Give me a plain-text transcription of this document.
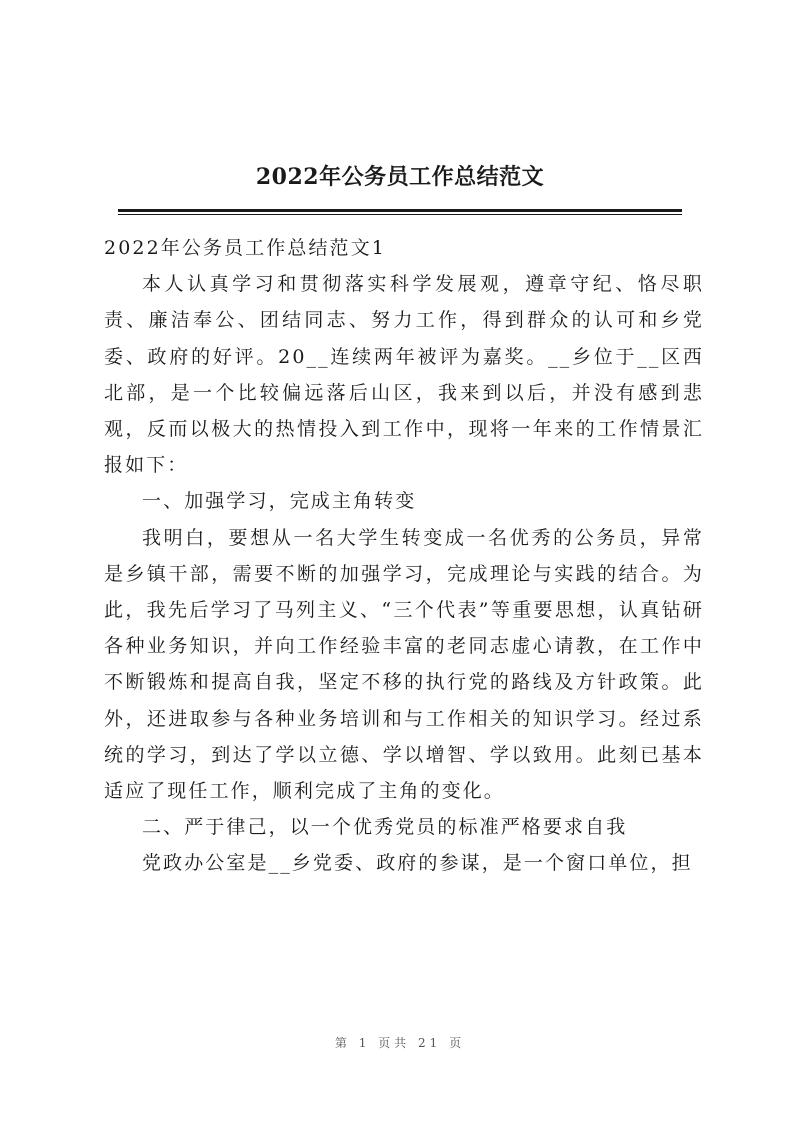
2022年公务员工作总结范文

2022年公务员工作总结范文1

本人认真学习和贯彻落实科学发展观，遵章守纪、恪尽职责、廉洁奉公、团结同志、努力工作，得到群众的认可和乡党委、政府的好评。20__连续两年被评为嘉奖。__乡位于__区西北部，是一个比较偏远落后山区，我来到以后，并没有感到悲观，反而以极大的热情投入到工作中，现将一年来的工作情景汇报如下：

一、加强学习，完成主角转变

我明白，要想从一名大学生转变成一名优秀的公务员，异常是乡镇干部，需要不断的加强学习，完成理论与实践的结合。为此，我先后学习了马列主义、“三个代表”等重要思想，认真钻研各种业务知识，并向工作经验丰富的老同志虚心请教，在工作中不断锻炼和提高自我，坚定不移的执行党的路线及方针政策。此外，还进取参与各种业务培训和与工作相关的知识学习。经过系统的学习，到达了学以立德、学以增智、学以致用。此刻已基本适应了现任工作，顺利完成了主角的变化。

二、严于律己，以一个优秀党员的标准严格要求自我

党政办公室是__乡党委、政府的参谋，是一个窗口单位，担

第 1 页共 21 页
